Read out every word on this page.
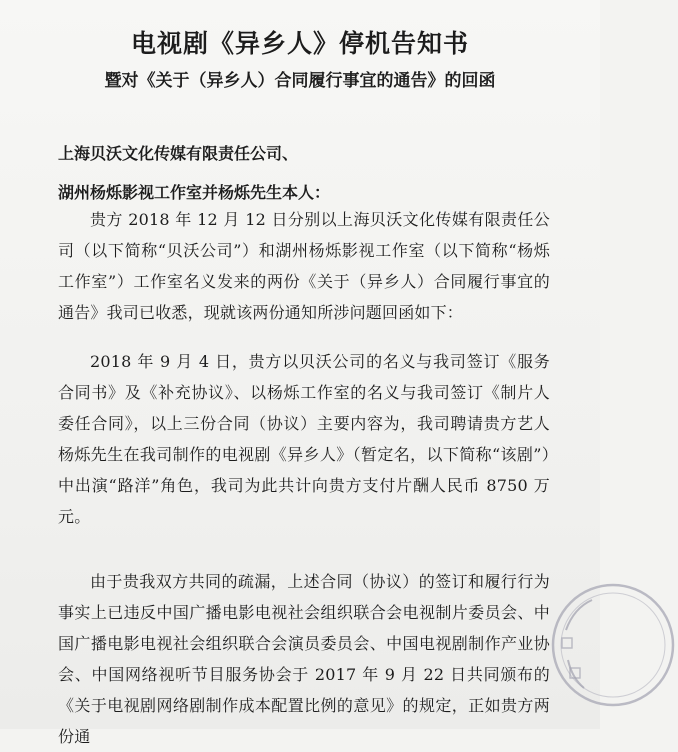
电视剧《异乡人》停机告知书
暨对《关于（异乡人）合同履行事宜的通告》的回函
上海贝沃文化传媒有限责任公司、
湖州杨烁影视工作室并杨烁先生本人：
贵方 2018 年 12 月 12 日分别以上海贝沃文化传媒有限责任公司（以下简称“贝沃公司”）和湖州杨烁影视工作室（以下简称“杨烁工作室”）工作室名义发来的两份《关于（异乡人）合同履行事宜的通告》我司已收悉，现就该两份通知所涉问题回函如下：
2018 年 9 月 4 日，贵方以贝沃公司的名义与我司签订《服务合同书》及《补充协议》、以杨烁工作室的名义与我司签订《制片人委任合同》，以上三份合同（协议）主要内容为，我司聘请贵方艺人杨烁先生在我司制作的电视剧《异乡人》（暂定名，以下简称“该剧”）中出演“路洋”角色，我司为此共计向贵方支付片酬人民币 8750 万元。
由于贵我双方共同的疏漏，上述合同（协议）的签订和履行行为事实上已违反中国广播电影电视社会组织联合会电视制片委员会、中国广播电影电视社会组织联合会演员委员会、中国电视剧制作产业协会、中国网络视听节目服务协会于 2017 年 9 月 22 日共同颁布的《关于电视剧网络剧制作成本配置比例的意见》的规定，正如贵方两份通
